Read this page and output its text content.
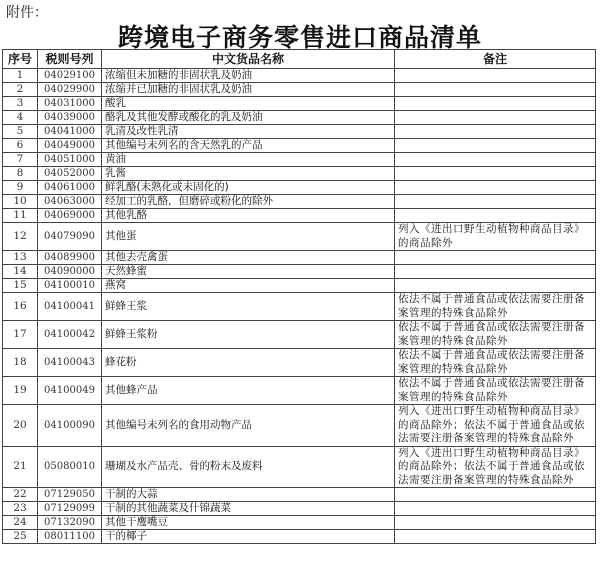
附件：
跨境电子商务零售进口商品清单
序号	税则号列	中文货品名称	备注
1	04029100	浓缩但未加糖的非固状乳及奶油	
2	04029900	浓缩并已加糖的非固状乳及奶油	
3	04031000	酸乳	
4	04039000	酪乳及其他发酵或酸化的乳及奶油	
5	04041000	乳清及改性乳清	
6	04049000	其他编号未列名的含天然乳的产品	
7	04051000	黄油	
8	04052000	乳酱	
9	04061000	鲜乳酪(未熟化或未固化的)	
10	04063000	经加工的乳酪，但磨碎或粉化的除外	
11	04069000	其他乳酪	
12	04079090	其他蛋	列入《进出口野生动植物种商品目录》的商品除外
13	04089900	其他去壳禽蛋	
14	04090000	天然蜂蜜	
15	04100010	燕窝	
16	04100041	鲜蜂王浆	依法不属于普通食品或依法需要注册备案管理的特殊食品除外
17	04100042	鲜蜂王浆粉	依法不属于普通食品或依法需要注册备案管理的特殊食品除外
18	04100043	蜂花粉	依法不属于普通食品或依法需要注册备案管理的特殊食品除外
19	04100049	其他蜂产品	依法不属于普通食品或依法需要注册备案管理的特殊食品除外
20	04100090	其他编号未列名的食用动物产品	列入《进出口野生动植物种商品目录》的商品除外；依法不属于普通食品或依法需要注册备案管理的特殊食品除外
21	05080010	珊瑚及水产品壳、骨的粉末及废料	列入《进出口野生动植物种商品目录》的商品除外；依法不属于普通食品或依法需要注册备案管理的特殊食品除外
22	07129050	干制的大蒜	
23	07129099	干制的其他蔬菜及什锦蔬菜	
24	07132090	其他干鹰嘴豆	
25	08011100	干的椰子	
